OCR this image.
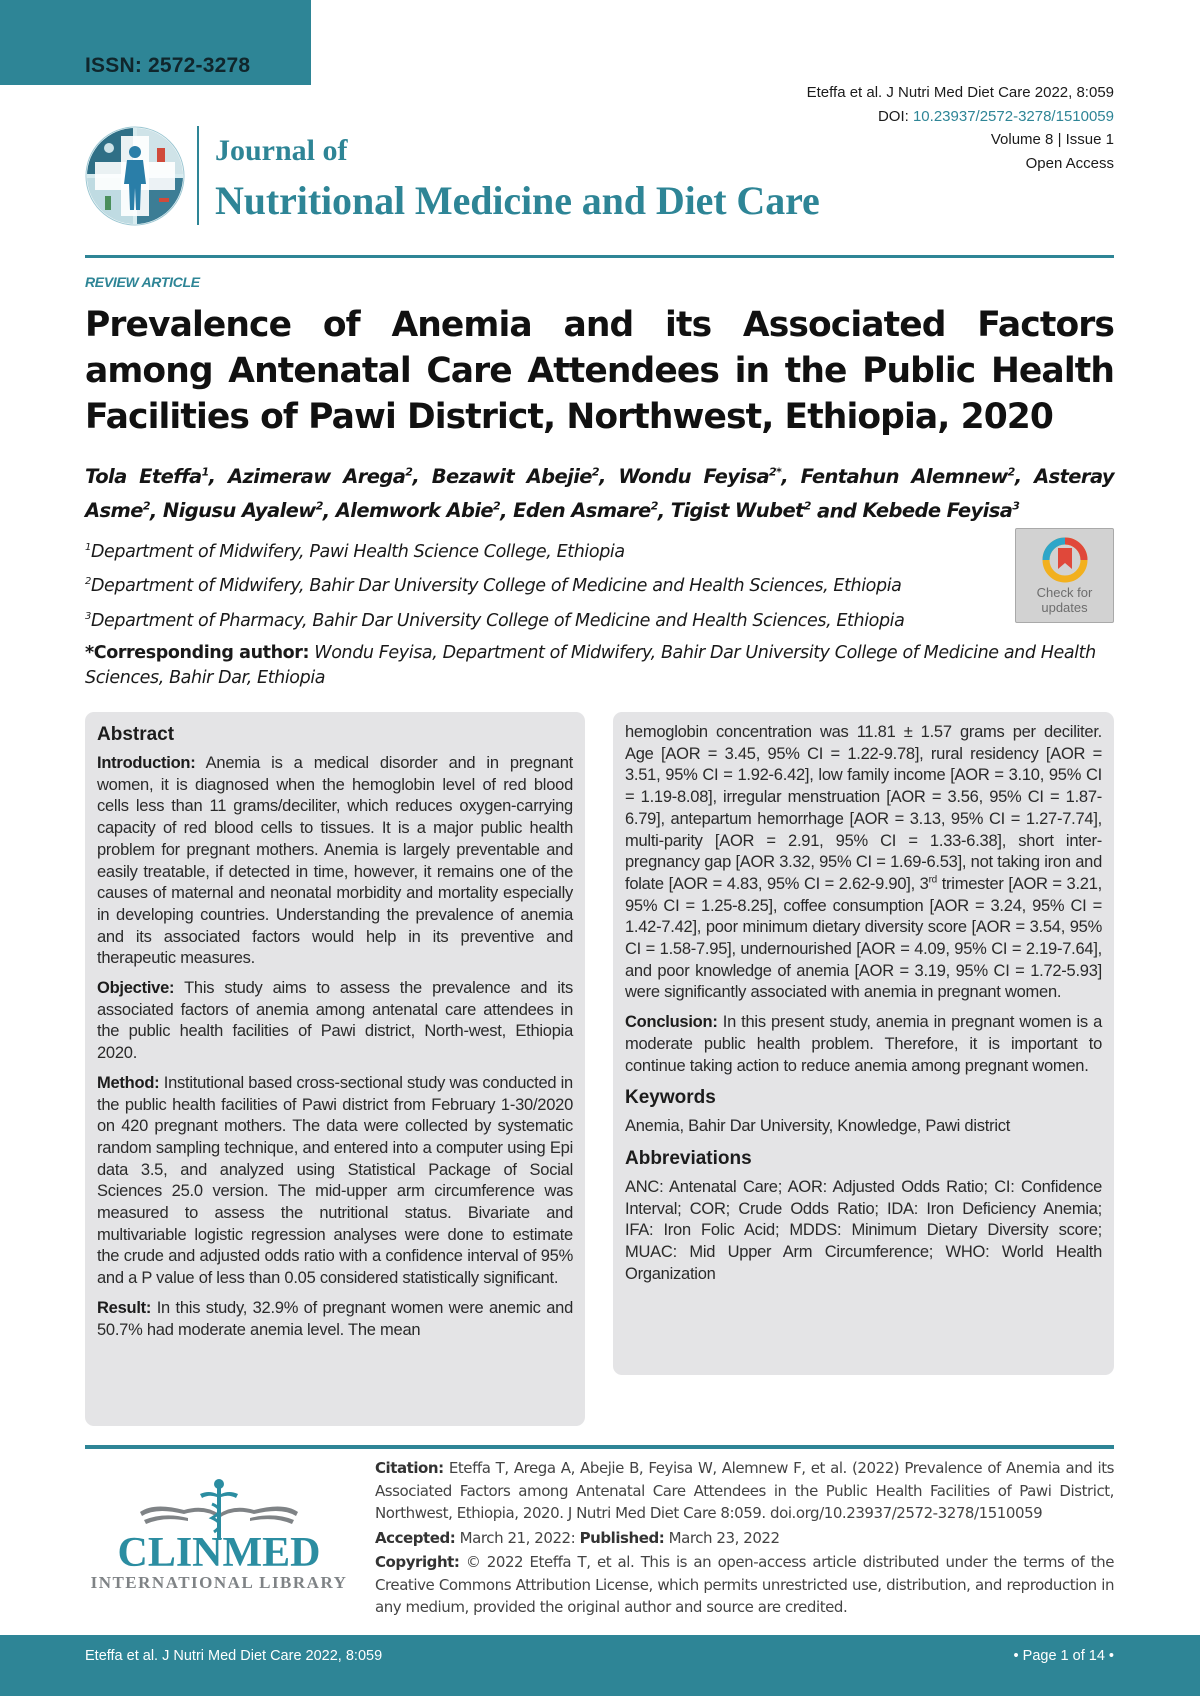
ISSN: 2572-3278
Eteffa et al. J Nutri Med Diet Care 2022, 8:059
DOI: 10.23937/2572-3278/1510059
Volume 8 | Issue 1
Open Access
Journal of
Nutritional Medicine and Diet Care
REVIEW ARTICLE
Prevalence of Anemia and its Associated Factors among Antenatal Care Attendees in the Public Health Facilities of Pawi District, Northwest, Ethiopia, 2020
Tola Eteffa$^1$, Azimeraw Arega$^2$, Bezawit Abejie$^2$, Wondu Feyisa$^{2*}$, Fentahun Alemnew$^2$, Asteray Asme$^2$, Nigusu Ayalew$^2$, Alemwork Abie$^2$, Eden Asmare$^2$, Tigist Wubet$^2$ and Kebede Feyisa$^3$
$^1$Department of Midwifery, Pawi Health Science College, Ethiopia
$^2$Department of Midwifery, Bahir Dar University College of Medicine and Health Sciences, Ethiopia
$^3$Department of Pharmacy, Bahir Dar University College of Medicine and Health Sciences, Ethiopia
Check for
updates
*Corresponding author: Wondu Feyisa, Department of Midwifery, Bahir Dar University College of Medicine and Health Sciences, Bahir Dar, Ethiopia
Abstract

Introduction: Anemia is a medical disorder and in pregnant women, it is diagnosed when the hemoglobin level of red blood cells less than 11 grams/deciliter, which reduces oxygen-carrying capacity of red blood cells to tissues. It is a major public health problem for pregnant mothers. Anemia is largely preventable and easily treatable, if detected in time, however, it remains one of the causes of maternal and neonatal morbidity and mortality especially in developing countries. Understanding the prevalence of anemia and its associated factors would help in its preventive and therapeutic measures.

Objective: This study aims to assess the prevalence and its associated factors of anemia among antenatal care attendees in the public health facilities of Pawi district, North-west, Ethiopia 2020.

Method: Institutional based cross-sectional study was conducted in the public health facilities of Pawi district from February 1-30/2020 on 420 pregnant mothers. The data were collected by systematic random sampling technique, and entered into a computer using Epi data 3.5, and analyzed using Statistical Package of Social Sciences 25.0 version. The mid-upper arm circumference was measured to assess the nutritional status. Bivariate and multivariable logistic regression analyses were done to estimate the crude and adjusted odds ratio with a confidence interval of 95% and a P value of less than 0.05 considered statistically significant.

Result: In this study, 32.9% of pregnant women were anemic and 50.7% had moderate anemia level. The mean

hemoglobin concentration was 11.81 ± 1.57 grams per deciliter. Age [AOR = 3.45, 95% CI = 1.22-9.78], rural residency [AOR = 3.51, 95% CI = 1.92-6.42], low family income [AOR = 3.10, 95% CI = 1.19-8.08], irregular menstruation [AOR = 3.56, 95% CI = 1.87-6.79], antepartum hemorrhage [AOR = 3.13, 95% CI = 1.27-7.74], multi-parity [AOR = 2.91, 95% CI = 1.33-6.38], short inter-pregnancy gap [AOR 3.32, 95% CI = 1.69-6.53], not taking iron and folate [AOR = 4.83, 95% CI = 2.62-9.90], 3rd trimester [AOR = 3.21, 95% CI = 1.25-8.25], coffee consumption [AOR = 3.24, 95% CI = 1.42-7.42], poor minimum dietary diversity score [AOR = 3.54, 95% CI = 1.58-7.95], undernourished [AOR = 4.09, 95% CI = 2.19-7.64], and poor knowledge of anemia [AOR = 3.19, 95% CI = 1.72-5.93] were significantly associated with anemia in pregnant women.

Conclusion: In this present study, anemia in pregnant women is a moderate public health problem. Therefore, it is important to continue taking action to reduce anemia among pregnant women.

Keywords

Anemia, Bahir Dar University, Knowledge, Pawi district

Abbreviations

ANC: Antenatal Care; AOR: Adjusted Odds Ratio; CI: Confidence Interval; COR; Crude Odds Ratio; IDA: Iron Deficiency Anemia; IFA: Iron Folic Acid; MDDS: Minimum Dietary Diversity score; MUAC: Mid Upper Arm Circumference; WHO: World Health Organization

CLINMED
INTERNATIONAL LIBRARY

Citation: Eteffa T, Arega A, Abejie B, Feyisa W, Alemnew F, et al. (2022) Prevalence of Anemia and its Associated Factors among Antenatal Care Attendees in the Public Health Facilities of Pawi District, Northwest, Ethiopia, 2020. J Nutri Med Diet Care 8:059. doi.org/10.23937/2572-3278/1510059

Accepted: March 21, 2022: Published: March 23, 2022

Copyright: © 2022 Eteffa T, et al. This is an open-access article distributed under the terms of the Creative Commons Attribution License, which permits unrestricted use, distribution, and reproduction in any medium, provided the original author and source are credited.

Eteffa et al. J Nutri Med Diet Care 2022, 8:059	• Page 1 of 14 •
